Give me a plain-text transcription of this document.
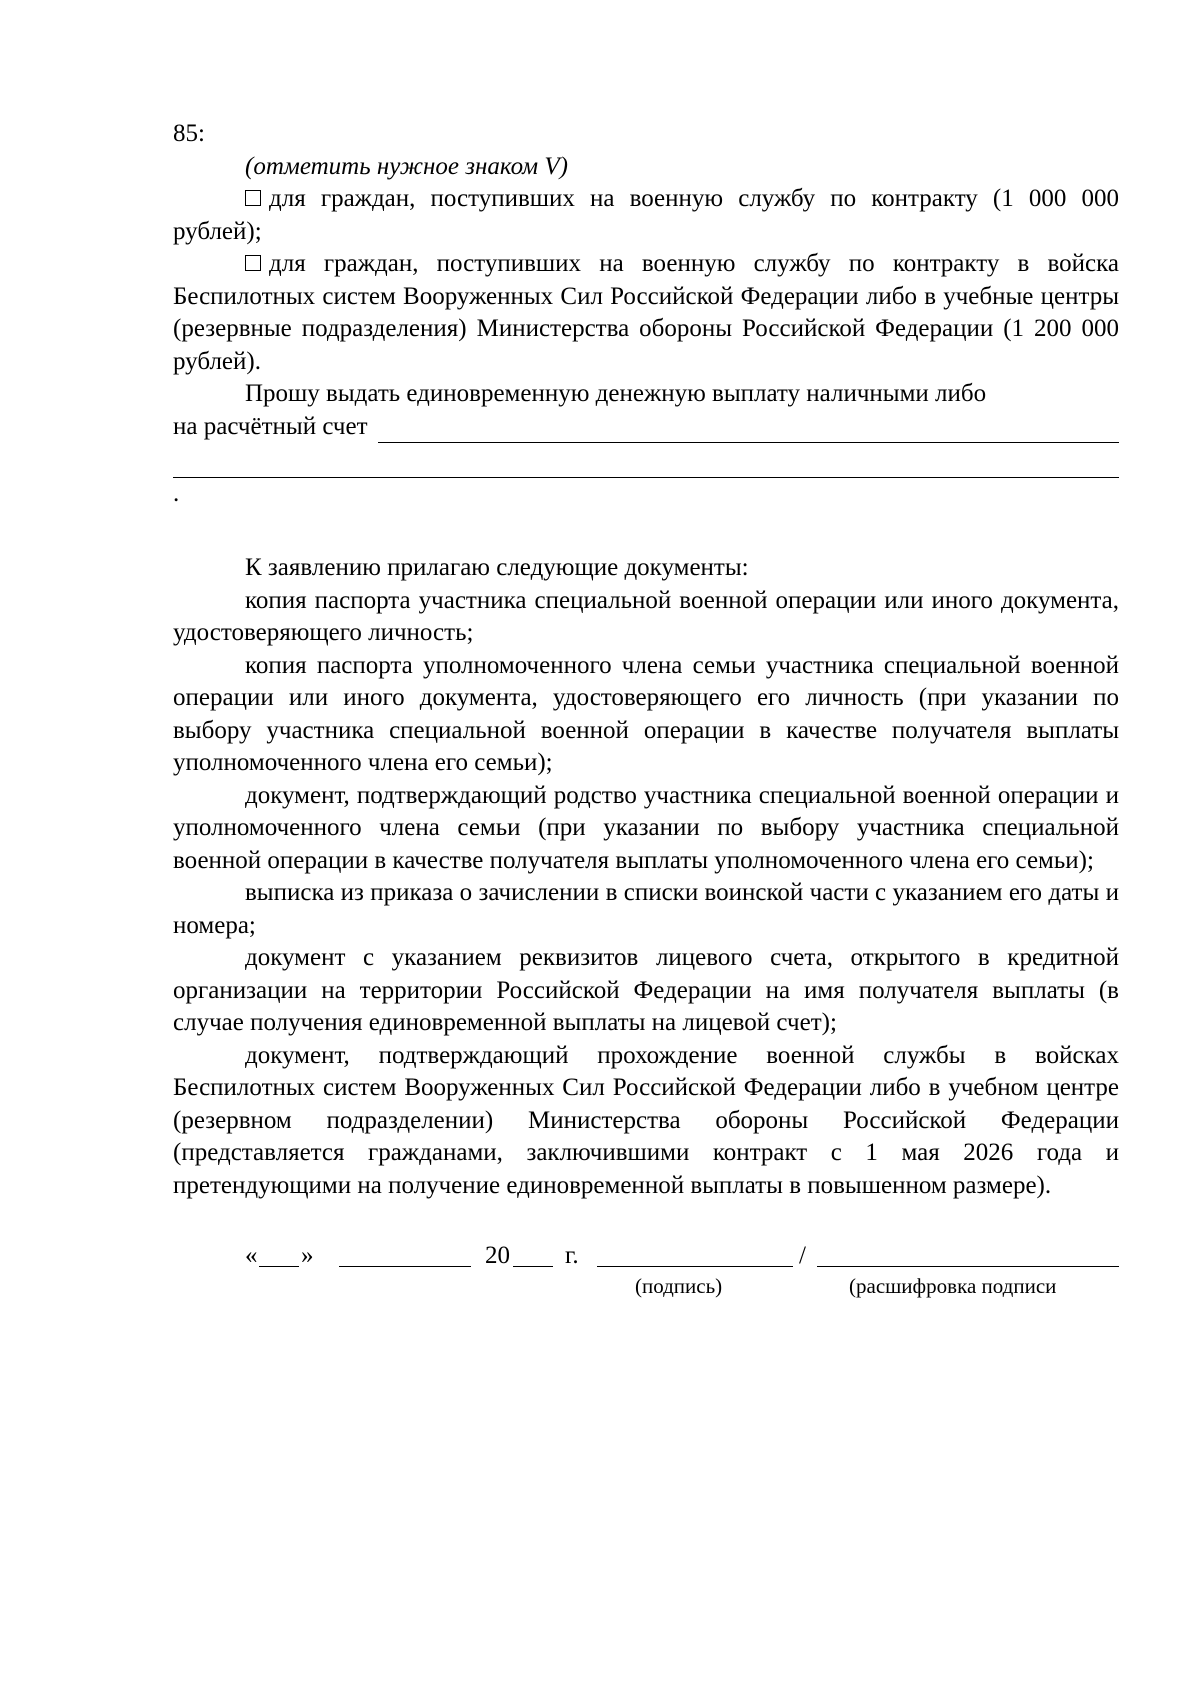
85:

(отметить нужное знаком V)

для граждан, поступивших на военную службу по контракту (1 000 000 рублей);

для граждан, поступивших на военную службу по контракту в войска Беспилотных систем Вооруженных Сил Российской Федерации либо в учебные центры (резервные подразделения) Министерства обороны Российской Федерации (1 200 000 рублей).

Прошу выдать единовременную денежную выплату наличными либо

на расчётный счет
.

К заявлению прилагаю следующие документы:

копия паспорта участника специальной военной операции или иного документа, удостоверяющего личность;

копия паспорта уполномоченного члена семьи участника специальной военной операции или иного документа, удостоверяющего его личность (при указании по выбору участника специальной военной операции в качестве получателя выплаты уполномоченного члена его семьи);

документ, подтверждающий родство участника специальной военной операции и уполномоченного члена семьи (при указании по выбору участника специальной военной операции в качестве получателя выплаты уполномоченного члена его семьи);

выписка из приказа о зачислении в списки воинской части с указанием его даты и номера;

документ с указанием реквизитов лицевого счета, открытого в кредитной организации на территории Российской Федерации на имя получателя выплаты (в случае получения единовременной выплаты на лицевой счет);

документ, подтверждающий прохождение военной службы в войсках Беспилотных систем Вооруженных Сил Российской Федерации либо в учебном центре (резервном подразделении) Министерства обороны Российской Федерации (представляется гражданами, заключившими контракт с 1 мая 2026 года и претендующими на получение единовременной выплаты в повышенном размере).

« »	20 г.	/
(подпись)	(расшифровка подписи
